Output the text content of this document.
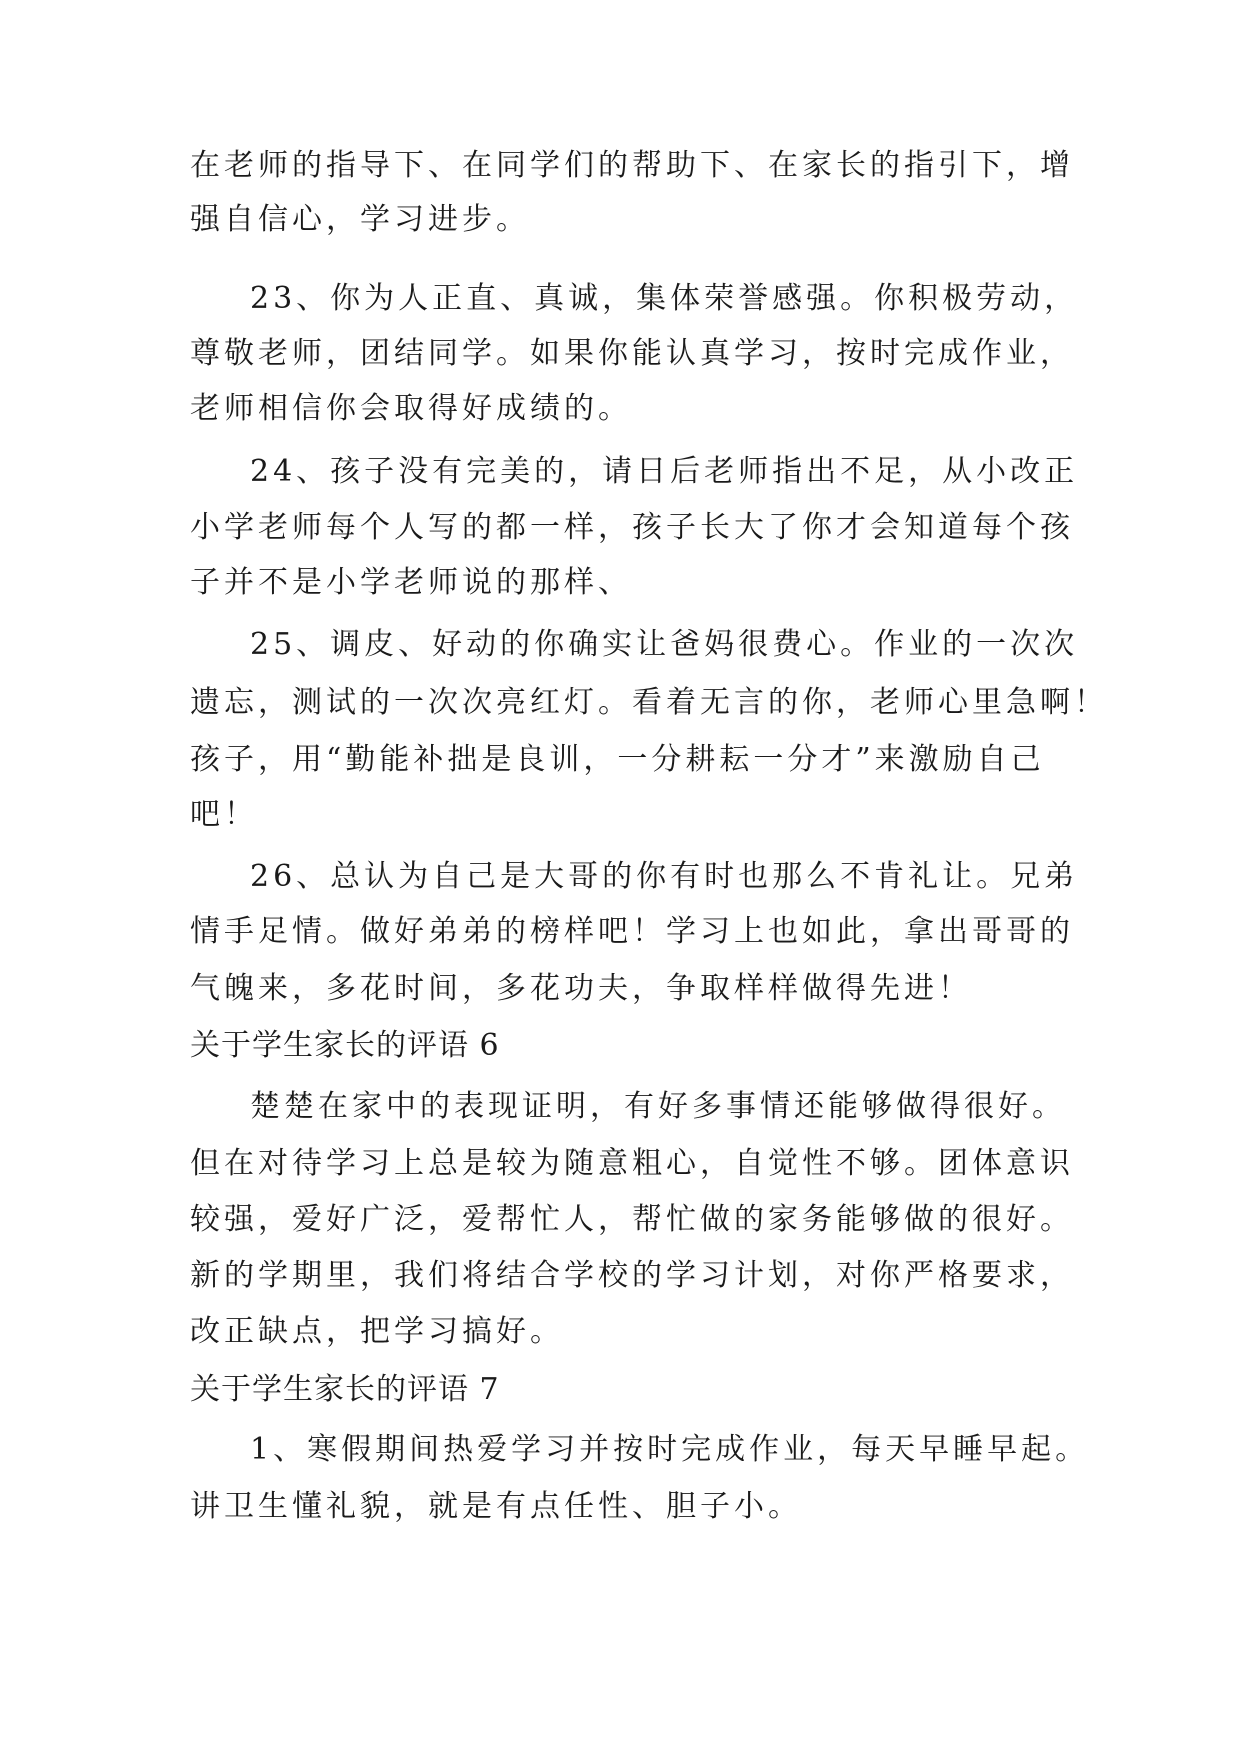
在老师的指导下、在同学们的帮助下、在家长的指引下，增
强自信心，学习进步。
23、你为人正直、真诚，集体荣誉感强。你积极劳动，
尊敬老师，团结同学。如果你能认真学习，按时完成作业，
老师相信你会取得好成绩的。
24、孩子没有完美的，请日后老师指出不足，从小改正
小学老师每个人写的都一样，孩子长大了你才会知道每个孩
子并不是小学老师说的那样、
25、调皮、好动的你确实让爸妈很费心。作业的一次次
遗忘，测试的一次次亮红灯。看着无言的你，老师心里急啊！
孩子，用“勤能补拙是良训，一分耕耘一分才”来激励自己
吧！
26、总认为自己是大哥的你有时也那么不肯礼让。兄弟
情手足情。做好弟弟的榜样吧！学习上也如此，拿出哥哥的
气魄来，多花时间，多花功夫，争取样样做得先进！
关于学生家长的评语 6
楚楚在家中的表现证明，有好多事情还能够做得很好。
但在对待学习上总是较为随意粗心，自觉性不够。团体意识
较强，爱好广泛，爱帮忙人，帮忙做的家务能够做的很好。
新的学期里，我们将结合学校的学习计划，对你严格要求，
改正缺点，把学习搞好。
关于学生家长的评语 7
1、寒假期间热爱学习并按时完成作业，每天早睡早起。
讲卫生懂礼貌，就是有点任性、胆子小。
